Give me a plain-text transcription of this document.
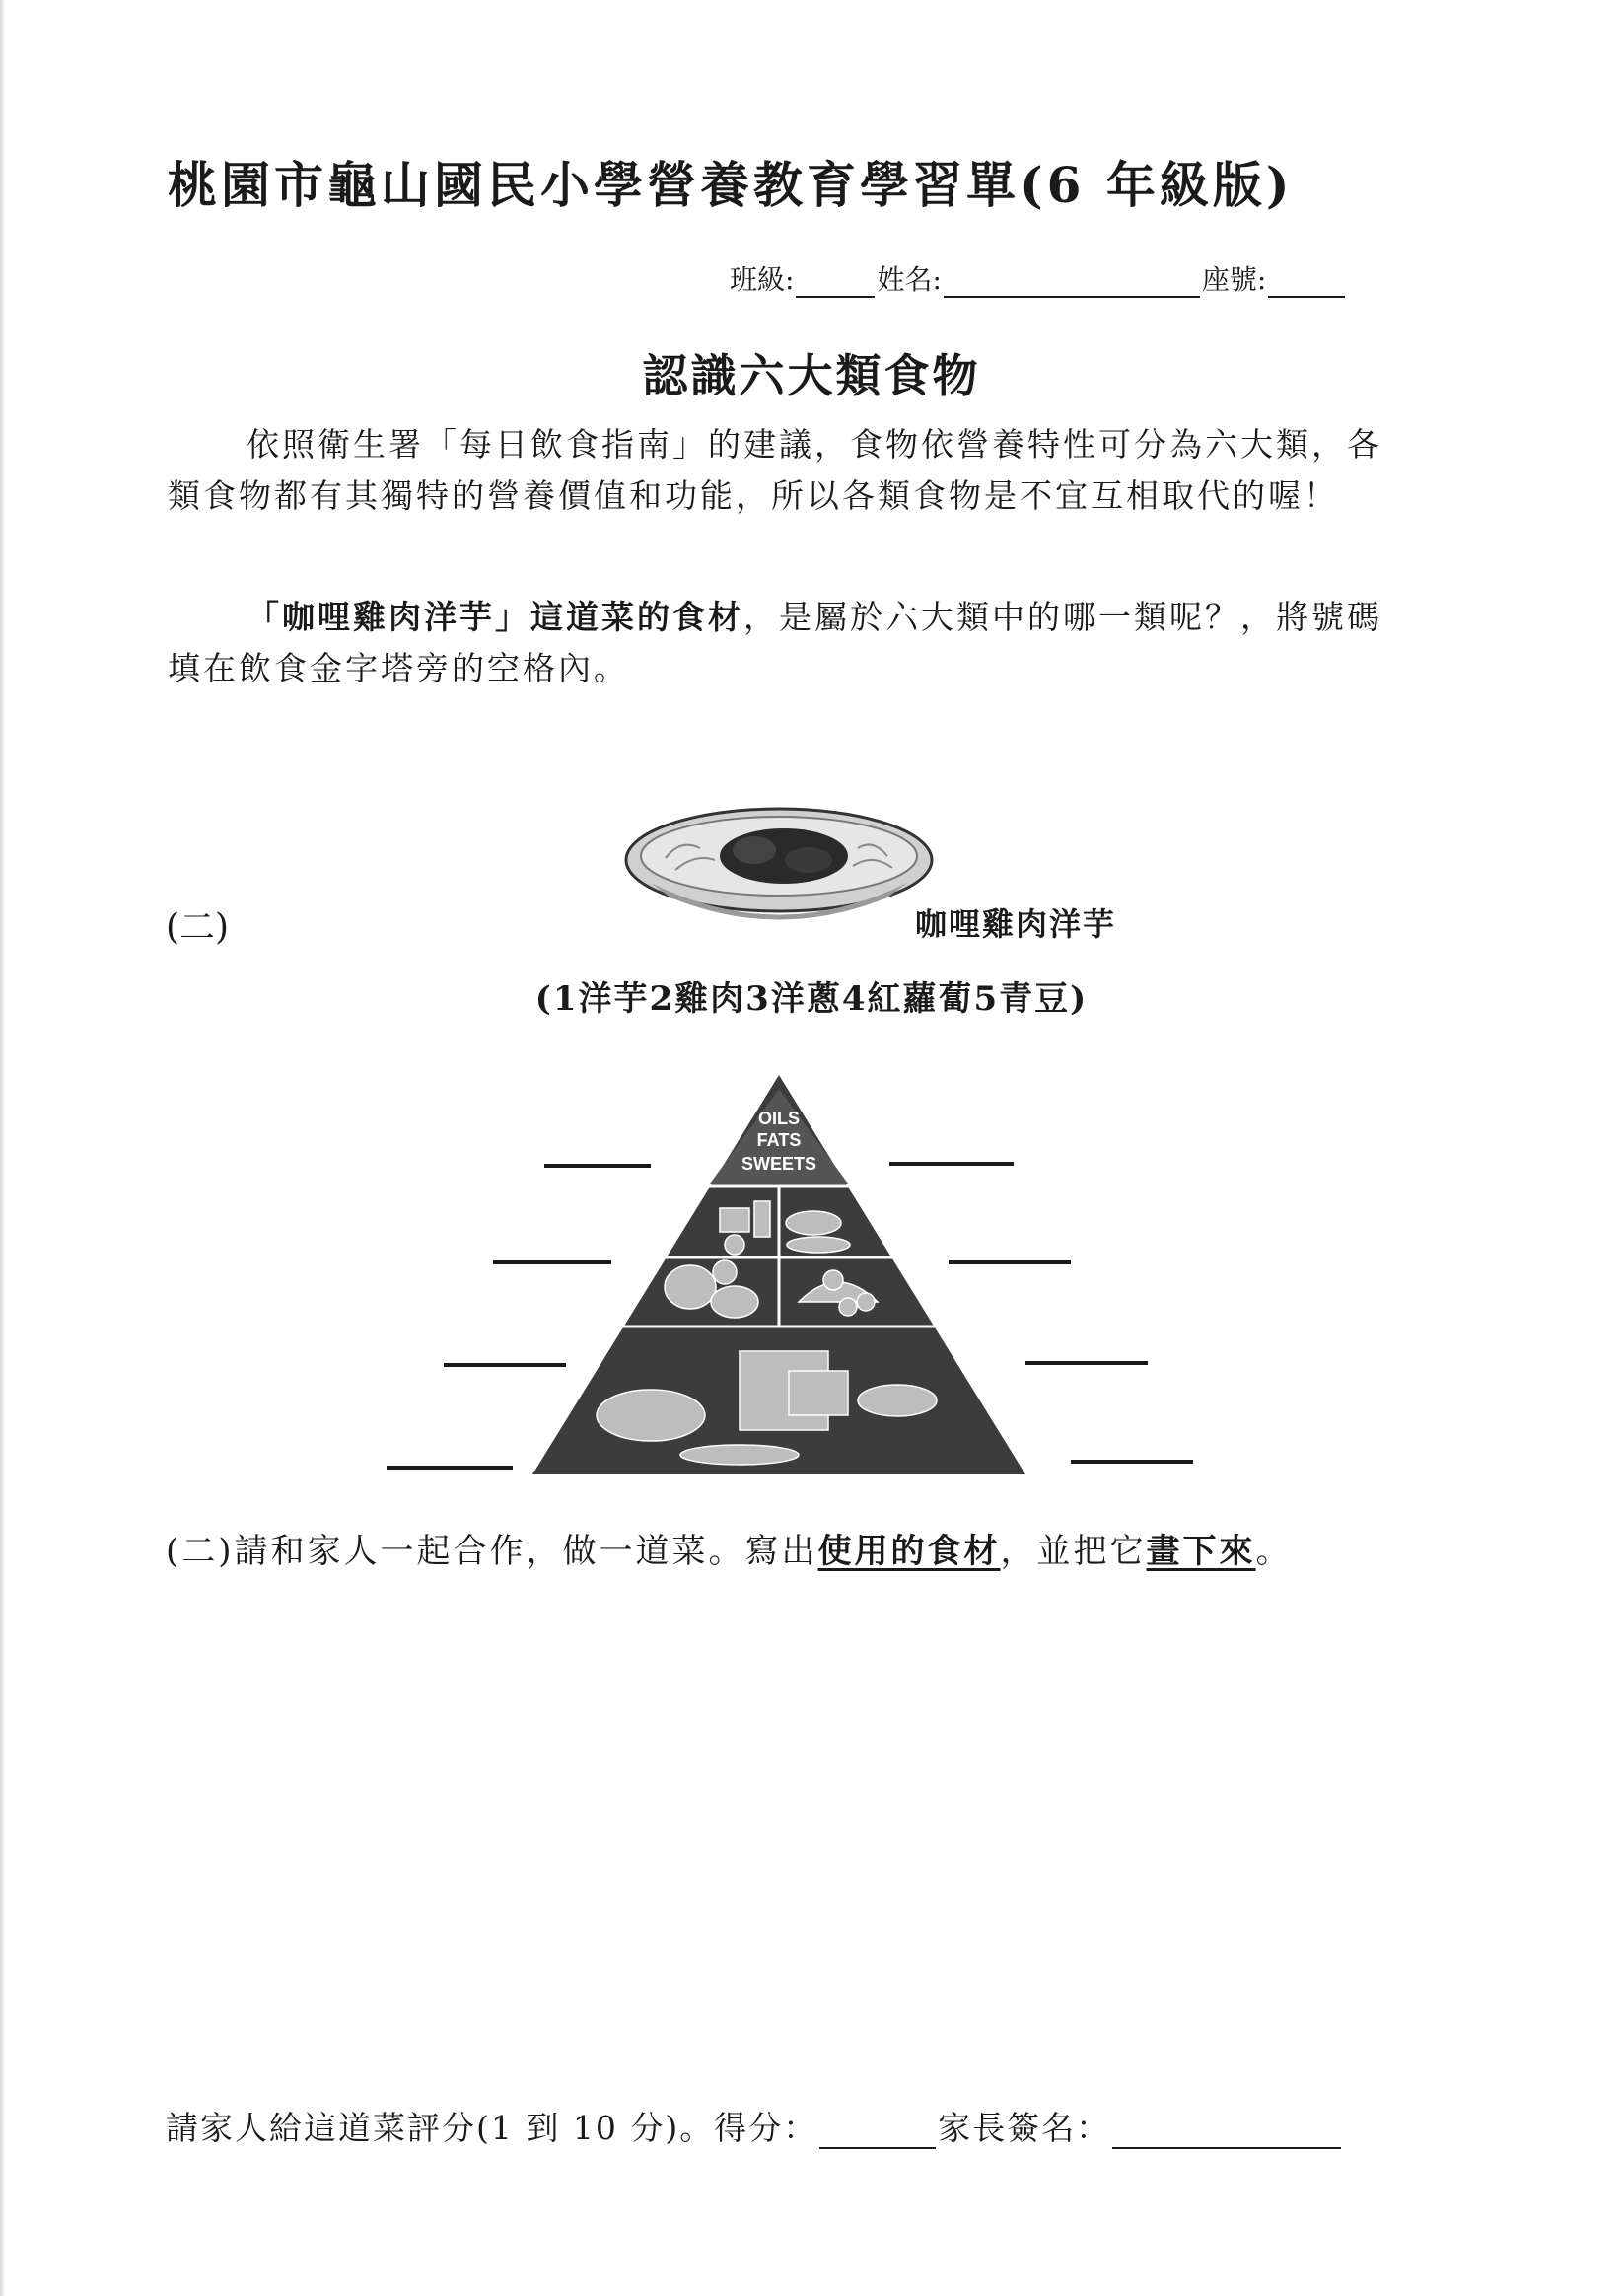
桃園市龜山國民小學營養教育學習單(6 年級版)
班級:	姓名:	座號:
認識六大類食物
依照衛生署「每日飲食指南」的建議，食物依營養特性可分為六大類，各類食物都有其獨特的營養價值和功能，所以各類食物是不宜互相取代的喔！
「咖哩雞肉洋芋」這道菜的食材，是屬於六大類中的哪一類呢？，將號碼填在飲食金字塔旁的空格內。
(二)	咖哩雞肉洋芋
(1洋芋2雞肉3洋蔥4紅蘿蔔5青豆)
OILS
FATS
SWEETS
(二)請和家人一起合作，做一道菜。寫出使用的食材，並把它畫下來。
請家人給這道菜評分(1 到 10 分)。得分：	家長簽名：
